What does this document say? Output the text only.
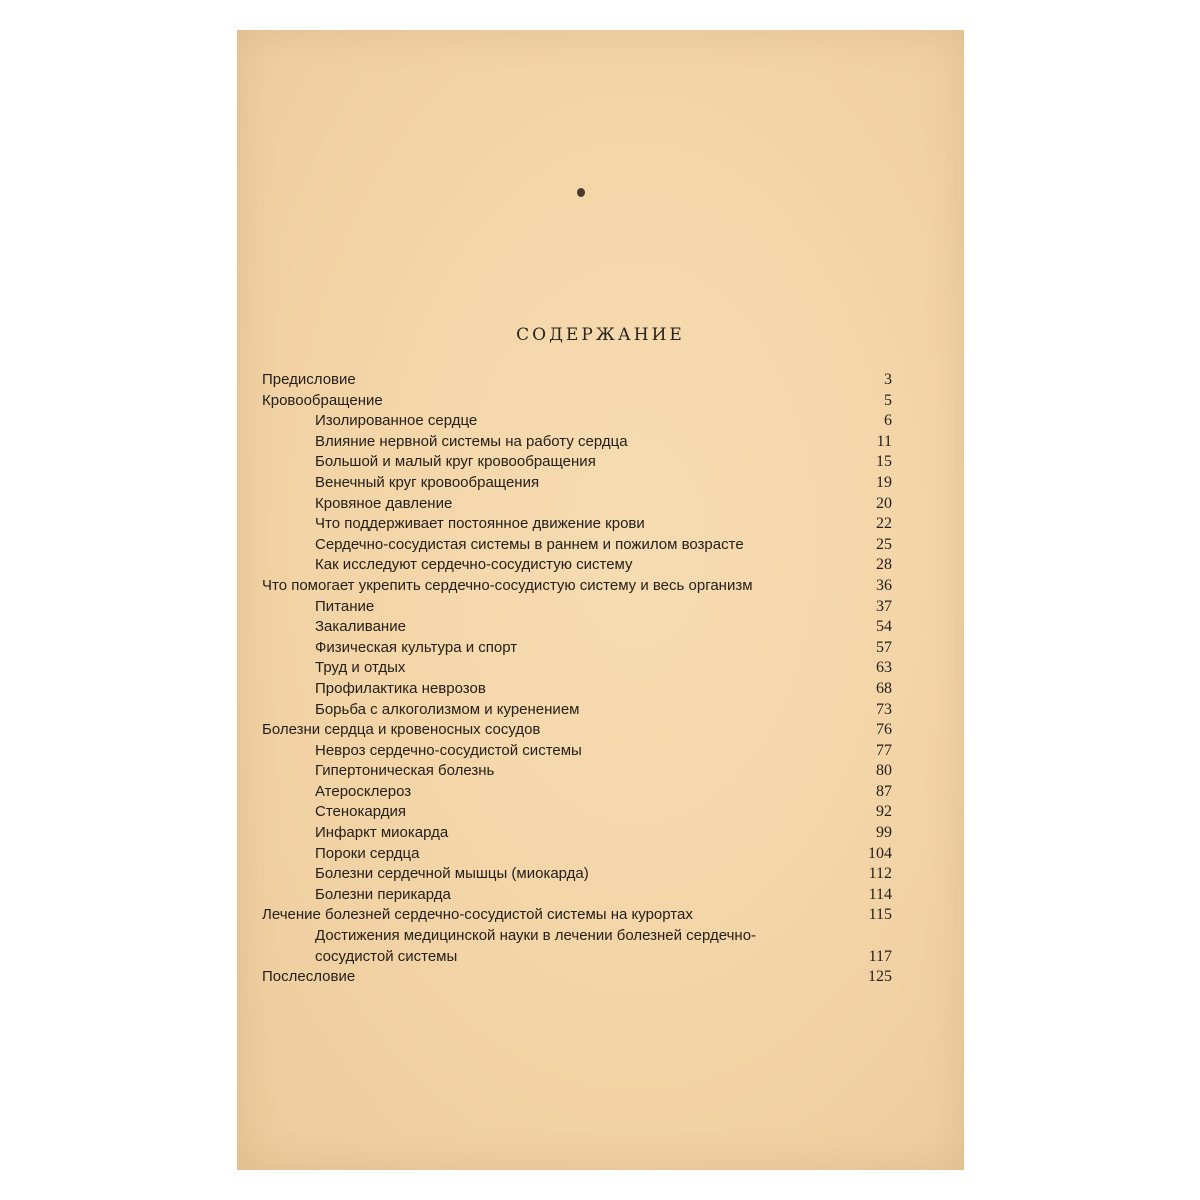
СОДЕРЖАНИЕ
Предисловие	3
Кровообращение	5
Изолированное сердце	6
Влияние нервной системы на работу сердца	11
Большой и малый круг кровообращения	15
Венечный круг кровообращения	19
Кровяное давление	20
Что поддерживает постоянное движение крови	22
Сердечно-сосудистая системы в раннем и пожилом возрасте	25
Как исследуют сердечно-сосудистую систему	28
Что помогает укрепить сердечно-сосудистую систему и весь организм	36
Питание	37
Закаливание	54
Физическая культура и спорт	57
Труд и отдых	63
Профилактика неврозов	68
Борьба с алкоголизмом и куренением	73
Болезни сердца и кровеносных сосудов	76
Невроз сердечно-сосудистой системы	77
Гипертоническая болезнь	80
Атеросклероз	87
Стенокардия	92
Инфаркт миокарда	99
Пороки сердца	104
Болезни сердечной мышцы (миокарда)	112
Болезни перикарда	114
Лечение болезней сердечно-сосудистой системы на курортах	115
Достижения медицинской науки в лечении болезней сердечно-сосудистой системы	117
Послесловие	125
